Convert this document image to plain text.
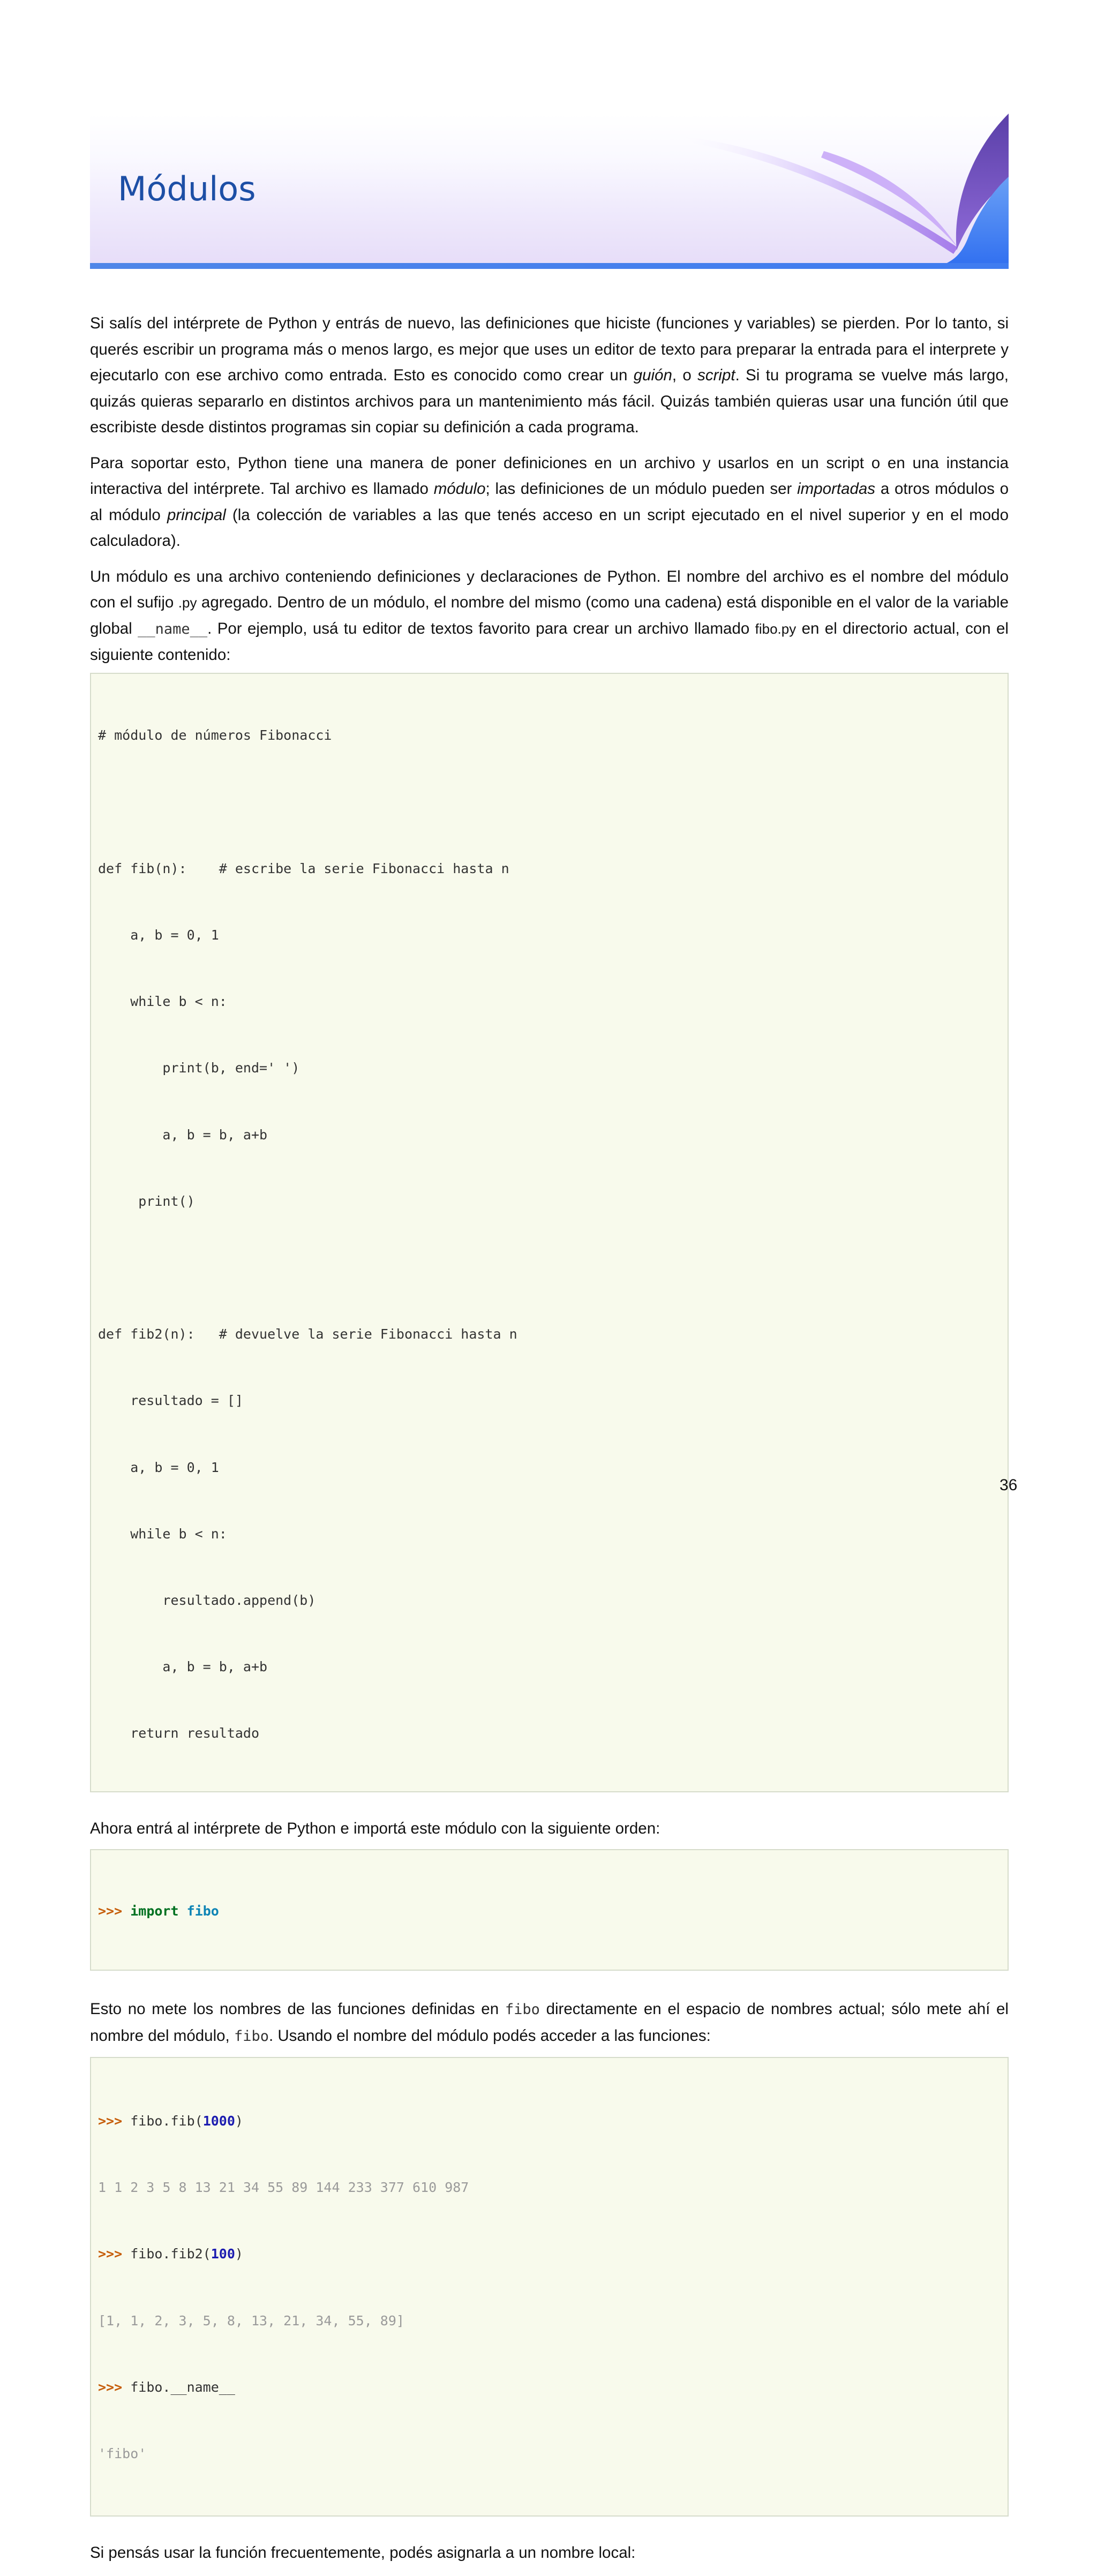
Módulos

Si salís del intérprete de Python y entrás de nuevo, las definiciones que hiciste (funciones y variables) se pierden. Por lo tanto, si querés escribir un programa más o menos largo, es mejor que uses un editor de texto para preparar la entrada para el interprete y ejecutarlo con ese archivo como entrada. Esto es conocido como crear un guión, o script. Si tu programa se vuelve más largo, quizás quieras separarlo en distintos archivos para un mantenimiento más fácil. Quizás también quieras usar una función útil que escribiste desde distintos programas sin copiar su definición a cada programa.

Para soportar esto, Python tiene una manera de poner definiciones en un archivo y usarlos en un script o en una instancia interactiva del intérprete. Tal archivo es llamado módulo; las definiciones de un módulo pueden ser importadas a otros módulos o al módulo principal (la colección de variables a las que tenés acceso en un script ejecutado en el nivel superior y en el modo calculadora).

Un módulo es una archivo conteniendo definiciones y declaraciones de Python. El nombre del archivo es el nombre del módulo con el sufijo .py agregado. Dentro de un módulo, el nombre del mismo (como una cadena) está disponible en el valor de la variable global __name__. Por ejemplo, usá tu editor de textos favorito para crear un archivo llamado fibo.py en el directorio actual, con el siguiente contenido:

# módulo de números Fibonacci

def fib(n):    # escribe la serie Fibonacci hasta n

a, b = 0, 1

while b < n:

print(b, end=' ')

a, b = b, a+b

print()

def fib2(n):   # devuelve la serie Fibonacci hasta n

resultado = []

a, b = 0, 1

while b < n:

resultado.append(b)

a, b = b, a+b

return resultado

Ahora entrá al intérprete de Python e importá este módulo con la siguiente orden:

>>> import fibo

Esto no mete los nombres de las funciones definidas en fibo directamente en el espacio de nombres actual; sólo mete ahí el nombre del módulo, fibo. Usando el nombre del módulo podés acceder a las funciones:

>>> fibo.fib(1000)

1 1 2 3 5 8 13 21 34 55 89 144 233 377 610 987

>>> fibo.fib2(100)

[1, 1, 2, 3, 5, 8, 13, 21, 34, 55, 89]

>>> fibo.__name__

'fibo'

Si pensás usar la función frecuentemente, podés asignarla a un nombre local:

36
